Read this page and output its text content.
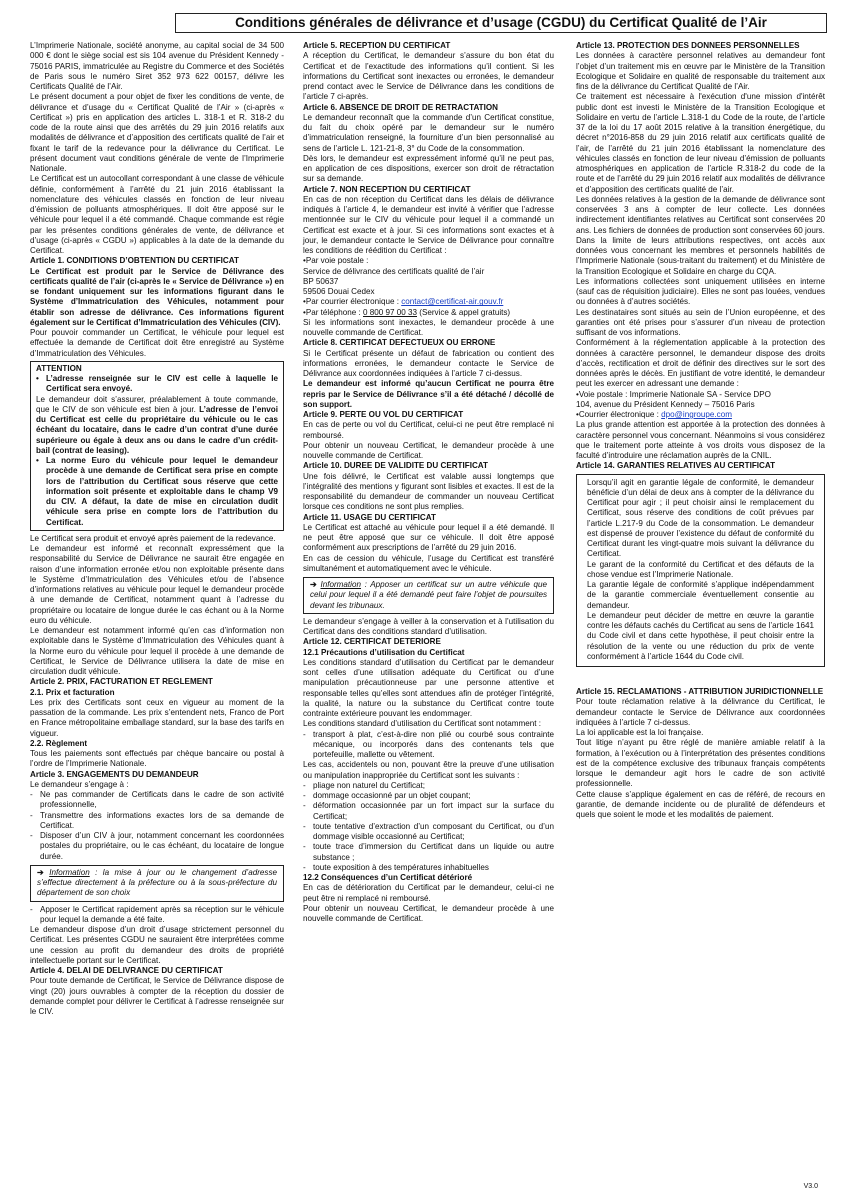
Conditions générales de délivrance et d’usage (CGDU) du Certificat Qualité de l’Air

L’Imprimerie Nationale, société anonyme, au capital social de 34 500 000 € dont le siège social est sis 104 avenue du Président Kennedy - 75016 PARIS, immatriculée au Registre du Commerce et des Sociétés de Paris sous le numéro Siret 352 973 622 00157, délivre les Certificats Qualité de l’Air.

Le présent document a pour objet de fixer les conditions de vente, de délivrance et d’usage du « Certificat Qualité de l’Air » (ci-après « Certificat ») pris en application des articles L. 318-1 et R. 318-2 du code de la route ainsi que des arrêtés du 29 juin 2016 relatifs aux modalités de délivrance et d’apposition des certificats qualité de l’air et fixant le tarif de la redevance pour la délivrance du Certificat. Le présent document vaut conditions générale de vente de l’Imprimerie Nationale.

Le Certificat est un autocollant correspondant à une classe de véhicule définie, conformément à l’arrêté du 21 juin 2016 établissant la nomenclature des véhicules classés en fonction de leur niveau d’émission de polluants atmosphériques. Il doit être apposé sur le véhicule pour lequel il a été commandé. Chaque commande est régie par les présentes conditions générales de vente, de délivrance et d’usage (ci-après « CGDU ») applicables à la date de la demande du Certificat.

Article 1. CONDITIONS D’OBTENTION DU CERTIFICAT

Le Certificat est produit par le Service de Délivrance des certificats qualité de l’air (ci-après le « Service de Délivrance ») en se fondant uniquement sur les informations figurant dans le Système d’Immatriculation des Véhicules, notamment pour établir son adresse de délivrance. Ces informations figurent également sur le Certificat d’Immatriculation des Véhicules (CIV).

Pour pouvoir commander un Certificat, le véhicule pour lequel est effectuée la demande de Certificat doit être enregistré au Système d’Immatriculation des Véhicules.

ATTENTION

• L’adresse renseignée sur le CIV est celle à laquelle le Certificat sera envoyé.

Le demandeur doit s’assurer, préalablement à toute commande, que le CIV de son véhicule est bien à jour. L’adresse de l’envoi du Certificat est celle du propriétaire du véhicule ou le cas échéant du locataire, dans le cadre d’un contrat d’une durée supérieure ou égale à deux ans ou dans le cadre d’un crédit-bail (contrat de leasing).

• La norme Euro du véhicule pour lequel le demandeur procède à une demande de Certificat sera prise en compte lors de l’attribution du Certificat sous réserve que cette information soit présente et exploitable dans le champ V9 du CIV. A défaut, la date de mise en circulation dudit véhicule sera prise en compte lors de l’attribution du Certificat.

Le Certificat sera produit et envoyé après paiement de la redevance.

Le demandeur est informé et reconnaît expressément que la responsabilité du Service de Délivrance ne saurait être engagée en raison d’une information erronée et/ou non exploitable présente dans le Système d’Immatriculation des Véhicules et/ou de l’absence d’informations relatives au véhicule pour lequel le demandeur procède à une demande de Certificat, notamment quant à l’adresse du propriétaire ou locataire de longue durée le cas échant ou à la Norme euro du véhicule.

Le demandeur est notamment informé qu’en cas d’information non exploitable dans le Système d’Immatriculation des Véhicules quant à la Norme euro du véhicule pour lequel il procède à une demande de Certificat, le Service de Délivrance utilisera la date de mise en circulation dudit véhicule.

Article 2. PRIX, FACTURATION ET REGLEMENT

2.1. Prix et facturation

Les prix des Certificats sont ceux en vigueur au moment de la passation de la commande. Les prix s’entendent nets, Franco de Port en France métropolitaine emballage standard, sur la base des tarifs en vigueur.

2.2. Règlement

Tous les paiements sont effectués par chèque bancaire ou postal à l’ordre de l’Imprimerie Nationale.

Article 3. ENGAGEMENTS DU DEMANDEUR

Le demandeur s’engage à :

- Ne pas commander de Certificats dans le cadre de son activité professionnelle,
- Transmettre des informations exactes lors de sa demande de Certificat.
- Disposer d’un CIV à jour, notamment concernant les coordonnées postales du propriétaire, ou le cas échéant, du locataire de longue durée.
➔ Information : la mise à jour ou le changement d’adresse s’effectue directement à la préfecture ou à la sous-préfecture du département de son choix
- Apposer le Certificat rapidement après sa réception sur le véhicule pour lequel la demande a été faite.

Le demandeur dispose d’un droit d’usage strictement personnel du Certificat. Les présentes CGDU ne sauraient être interprétées comme une cession au profit du demandeur des droits de propriété intellectuelle portant sur le Certificat.

Article 4. DELAI DE DELIVRANCE DU CERTIFICAT

Pour toute demande de Certificat, le Service de Délivrance dispose de vingt (20) jours ouvrables à compter de la réception du dossier de demande complet pour délivrer le Certificat à l’adresse renseignée sur le CIV.

Article 5. RECEPTION DU CERTIFICAT

A réception du Certificat, le demandeur s’assure du bon état du Certificat et de l’exactitude des informations qu’il contient. Si les informations du Certificat sont inexactes ou erronées, le demandeur prend contact avec le Service de Délivrance dans les conditions de l’article 7 ci-après.

Article 6. ABSENCE DE DROIT DE RETRACTATION

Le demandeur reconnaît que la commande d’un Certificat constitue, du fait du choix opéré par le demandeur sur le numéro d’immatriculation renseigné, la fourniture d’un bien personnalisé au sens de l’article L. 121-21-8, 3° du Code de la consommation.

Dès lors, le demandeur est expressément informé qu’il ne peut pas, en application de ces dispositions, exercer son droit de rétractation sur sa demande.

Article 7. NON RECEPTION DU CERTIFICAT

En cas de non réception du Certificat dans les délais de délivrance indiqués à l’article 4, le demandeur est invité à vérifier que l’adresse mentionnée sur le CIV du véhicule pour lequel il a commandé un Certificat est exacte et à jour. Si ces informations sont exactes et à jour, le demandeur contacte le Service de Délivrance pour connaître les conditions de réédition du Certificat :

•Par voie postale :

Service de délivrance des certificats qualité de l’air

BP 50637

59506 Douai Cedex

•Par courrier électronique : contact@certificat-air.gouv.fr

•Par téléphone : 0 800 97 00 33 (Service & appel gratuits)

Si les informations sont inexactes, le demandeur procède à une nouvelle commande de Certificat.

Article 8. CERTIFICAT DEFECTUEUX OU ERRONE

Si le Certificat présente un défaut de fabrication ou contient des informations erronées, le demandeur contacte le Service de Délivrance aux coordonnées indiquées à l’article 7 ci-dessus.

Le demandeur est informé qu’aucun Certificat ne pourra être repris par le Service de Délivrance s’il a été détaché / décollé de son support.

Article 9. PERTE OU VOL DU CERTIFICAT

En cas de perte ou vol du Certificat, celui-ci ne peut être remplacé ni remboursé.

Pour obtenir un nouveau Certificat, le demandeur procède à une nouvelle commande de Certificat.

Article 10. DUREE DE VALIDITE DU CERTIFICAT

Une fois délivré, le Certificat est valable aussi longtemps que l’intégralité des mentions y figurant sont lisibles et exactes. Il est de la responsabilité du demandeur de commander un nouveau Certificat lorsque ces conditions ne sont plus remplies.

Article 11. USAGE DU CERTIFICAT

Le Certificat est attaché au véhicule pour lequel il a été demandé. Il ne peut être apposé que sur ce véhicule. Il doit être apposé conformément aux prescriptions de l’arrêté du 29 juin 2016.

En cas de cession du véhicule, l’usage du Certificat est transféré simultanément et automatiquement avec le véhicule.

➔ Information : Apposer un certificat sur un autre véhicule que celui pour lequel il a été demandé peut faire l’objet de poursuites devant les tribunaux.

Le demandeur s’engage à veiller à la conservation et à l’utilisation du Certificat dans des conditions standard d’utilisation.

Article 12. CERTIFICAT DETERIORE

12.1 Précautions d’utilisation du Certificat

Les conditions standard d’utilisation du Certificat par le demandeur sont celles d’une utilisation adéquate du Certificat ou d’une manipulation précautionneuse par une personne attentive et responsable telles qu’elles sont attendues afin de protéger l’intégrité, la qualité, la nature ou la substance du Certificat contre toute contrainte extérieure pouvant les endommager.

Les conditions standard d’utilisation du Certificat sont notamment :

- transport à plat, c’est-à-dire non plié ou courbé sous contrainte mécanique, ou incorporés dans des contenants tels que portefeuille, mallette ou vêtement.

Les cas, accidentels ou non, pouvant être la preuve d’une utilisation ou manipulation inappropriée du Certificat sont les suivants :

- pliage non naturel du Certificat;
- dommage occasionné par un objet coupant;
- déformation occasionnée par un fort impact sur la surface du Certificat;
- toute tentative d’extraction d’un composant du Certificat, ou d’un dommage visible occasionné au Certificat;
- toute trace d’immersion du Certificat dans un liquide ou autre substance ;
- toute exposition à des températures inhabituelles

12.2 Conséquences d’un Certificat détérioré

En cas de détérioration du Certificat par le demandeur, celui-ci ne peut être ni remplacé ni remboursé.

Pour obtenir un nouveau Certificat, le demandeur procède à une nouvelle commande de Certificat.

Article 13. PROTECTION DES DONNEES PERSONNELLES

Les données à caractère personnel relatives au demandeur font l’objet d’un traitement mis en œuvre par le Ministère de la Transition Ecologique et Solidaire en qualité de responsable du traitement aux fins de la délivrance du Certificat Qualité de l’Air.

Ce traitement est nécessaire à l'exécution d'une mission d'intérêt public dont est investi le Ministère de la Transition Ecologique et Solidaire en vertu de l’article L.318-1 du Code de la route, de l’article 37 de la loi du 17 août 2015 relative à la transition énergétique, du décret n°2016-858 du 29 juin 2016 relatif aux certificats qualité de l’air, de l’arrêté du 21 juin 2016 établissant la nomenclature des véhicules classés en fonction de leur niveau d’émission de polluants atmosphériques en application de l’article R.318-2 du code de la route et de l’arrêté du 29 juin 2016 relatif aux modalités de délivrance et d’apposition des certificats qualité de l’air.

Les données relatives à la gestion de la demande de délivrance sont conservées 3 ans à compter de leur collecte. Les données indirectement identifiantes relatives au Certificat sont conservées 20 ans. Les fichiers de données de production sont conservées 60 jours.

Dans la limite de leurs attributions respectives, ont accès aux données vous concernant les membres et personnels habilités de l’Imprimerie Nationale (sous-traitant du traitement) et du Ministère de la Transition Ecologique et Solidaire en charge du CQA.

Les informations collectées sont uniquement utilisées en interne (sauf cas de réquisition judiciaire). Elles ne sont pas louées, vendues ou données à d’autres sociétés.

Les destinataires sont situés au sein de l’Union européenne, et des garanties ont été prises pour s’assurer d’un niveau de protection suffisant de vos informations.

Conformément à la réglementation applicable à la protection des données à caractère personnel, le demandeur dispose des droits d’accès, rectification et droit de définir des directives sur le sort des données après le décès. En justifiant de votre identité, le demandeur peut les exercer en adressant une demande :

•Voie postale : Imprimerie Nationale SA - Service DPO

104, avenue du Président Kennedy – 75016 Paris

•Courrier électronique : dpo@ingroupe.com

La plus grande attention est apportée à la protection des données à caractère personnel vous concernant. Néanmoins si vous considérez que le traitement porte atteinte à vos droits vous disposez de la faculté d’introduire une réclamation auprès de la CNIL.

Article 14. GARANTIES RELATIVES AU CERTIFICAT

Lorsqu’il agit en garantie légale de conformité, le demandeur bénéficie d’un délai de deux ans à compter de la délivrance du Certificat pour agir ; il peut choisir ainsi le remplacement du Certificat, sous réserve des conditions de coût prévues par l’article L.217-9 du Code de la consommation. Le demandeur est dispensé de prouver l’existence du défaut de conformité du Certificat durant les vingt-quatre mois suivant la délivrance du Certificat.

Le garant de la conformité du Certificat et des défauts de la chose vendue est l’Imprimerie Nationale.

La garantie légale de conformité s’applique indépendamment de la garantie commerciale éventuellement consentie au demandeur.

Le demandeur peut décider de mettre en œuvre la garantie contre les défauts cachés du Certificat au sens de l’article 1641 du Code civil et dans cette hypothèse, il peut choisir entre la résolution de la vente ou une réduction du prix de vente conformément à l’article 1644 du Code civil.

Article 15. RECLAMATIONS - ATTRIBUTION JURIDICTIONNELLE

Pour toute réclamation relative à la délivrance du Certificat, le demandeur contacte le Service de Délivrance aux coordonnées indiquées à l’article 7 ci-dessus.

La loi applicable est la loi française.

Tout litige n’ayant pu être réglé de manière amiable relatif à la formation, à l’exécution ou à l’interprétation des présentes conditions est de la compétence exclusive des tribunaux français compétents lorsque le demandeur agit hors le cadre de son activité professionnelle.

Cette clause s’applique également en cas de référé, de recours en garantie, de demande incidente ou de pluralité de défendeurs et quels que soient le mode et les modalités de paiement.

V3.0
